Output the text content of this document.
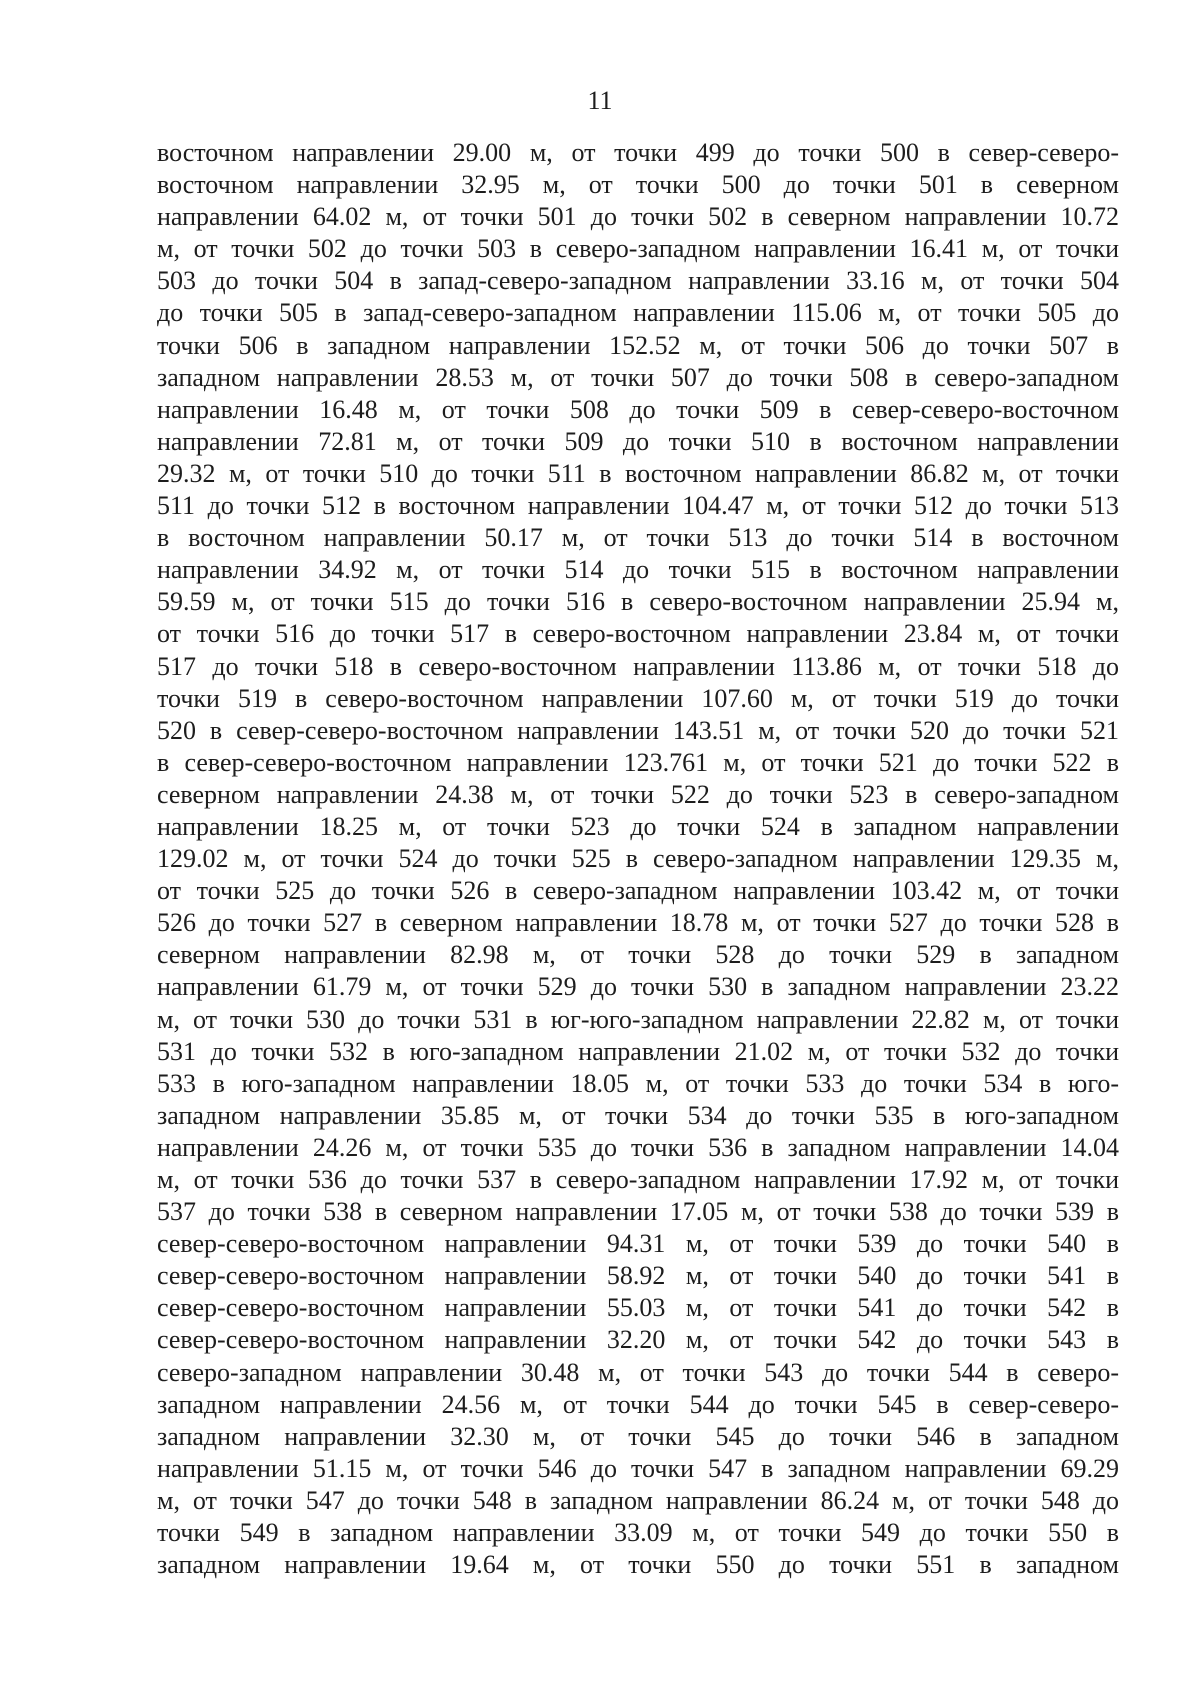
11
восточном направлении 29.00 м, от точки 499 до точки 500 в север-северо-
восточном направлении 32.95 м, от точки 500 до точки 501 в северном
направлении 64.02 м, от точки 501 до точки 502 в северном направлении 10.72
м, от точки 502 до точки 503 в северо-западном направлении 16.41 м, от точки
503 до точки 504 в запад-северо-западном направлении 33.16 м, от точки 504
до точки 505 в запад-северо-западном направлении 115.06 м, от точки 505 до
точки 506 в западном направлении 152.52 м, от точки 506 до точки 507 в
западном направлении 28.53 м, от точки 507 до точки 508 в северо-западном
направлении 16.48 м, от точки 508 до точки 509 в север-северо-восточном
направлении 72.81 м, от точки 509 до точки 510 в восточном направлении
29.32 м, от точки 510 до точки 511 в восточном направлении 86.82 м, от точки
511 до точки 512 в восточном направлении 104.47 м, от точки 512 до точки 513
в восточном направлении 50.17 м, от точки 513 до точки 514 в восточном
направлении 34.92 м, от точки 514 до точки 515 в восточном направлении
59.59 м, от точки 515 до точки 516 в северо-восточном направлении 25.94 м,
от точки 516 до точки 517 в северо-восточном направлении 23.84 м, от точки
517 до точки 518 в северо-восточном направлении 113.86 м, от точки 518 до
точки 519 в северо-восточном направлении 107.60 м, от точки 519 до точки
520 в север-северо-восточном направлении 143.51 м, от точки 520 до точки 521
в север-северо-восточном направлении 123.761 м, от точки 521 до точки 522 в
северном направлении 24.38 м, от точки 522 до точки 523 в северо-западном
направлении 18.25 м, от точки 523 до точки 524 в западном направлении
129.02 м, от точки 524 до точки 525 в северо-западном направлении 129.35 м,
от точки 525 до точки 526 в северо-западном направлении 103.42 м, от точки
526 до точки 527 в северном направлении 18.78 м, от точки 527 до точки 528 в
северном направлении 82.98 м, от точки 528 до точки 529 в западном
направлении 61.79 м, от точки 529 до точки 530 в западном направлении 23.22
м, от точки 530 до точки 531 в юг-юго-западном направлении 22.82 м, от точки
531 до точки 532 в юго-западном направлении 21.02 м, от точки 532 до точки
533 в юго-западном направлении 18.05 м, от точки 533 до точки 534 в юго-
западном направлении 35.85 м, от точки 534 до точки 535 в юго-западном
направлении 24.26 м, от точки 535 до точки 536 в западном направлении 14.04
м, от точки 536 до точки 537 в северо-западном направлении 17.92 м, от точки
537 до точки 538 в северном направлении 17.05 м, от точки 538 до точки 539 в
север-северо-восточном направлении 94.31 м, от точки 539 до точки 540 в
север-северо-восточном направлении 58.92 м, от точки 540 до точки 541 в
север-северо-восточном направлении 55.03 м, от точки 541 до точки 542 в
север-северо-восточном направлении 32.20 м, от точки 542 до точки 543 в
северо-западном направлении 30.48 м, от точки 543 до точки 544 в северо-
западном направлении 24.56 м, от точки 544 до точки 545 в север-северо-
западном направлении 32.30 м, от точки 545 до точки 546 в западном
направлении 51.15 м, от точки 546 до точки 547 в западном направлении 69.29
м, от точки 547 до точки 548 в западном направлении 86.24 м, от точки 548 до
точки 549 в западном направлении 33.09 м, от точки 549 до точки 550 в
западном направлении 19.64 м, от точки 550 до точки 551 в западном
